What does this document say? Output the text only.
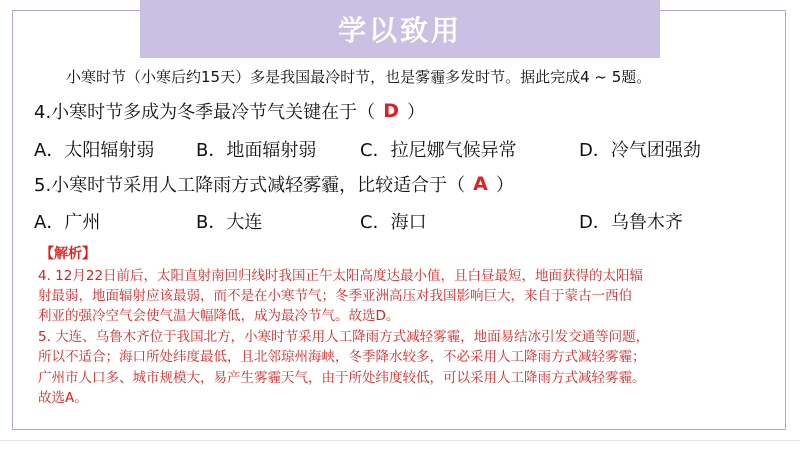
学以致用
小寒时节（小寒后约15天）多是我国最冷时节，也是雾霾多发时节。据此完成4 ~ 5题。
4.小寒时节多成为冬季最冷节气关键在于（ D ）
A．太阳辐射弱 B．地面辐射弱 C．拉尼娜气候异常	D．冷气团强劲
5.小寒时节采用人工降雨方式减轻雾霾，比较适合于（ A ）
A．广州	B．大连	C．海口	D．乌鲁木齐
【解析】
4. 12月22日前后，太阳直射南回归线时我国正午太阳高度达最小值，且白昼最短，地面获得的太阳辐
射最弱，地面辐射应该最弱，而不是在小寒节气；冬季亚洲高压对我国影响巨大，来自于蒙古一西伯
利亚的强冷空气会使气温大幅降低，成为最冷节气。故选D。
5. 大连、乌鲁木齐位于我国北方，小寒时节采用人工降雨方式减轻雾霾，地面易结冰引发交通等问题，
所以不适合；海口所处纬度最低，且北邻琼州海峡，冬季降水较多，不必采用人工降雨方式减轻雾霾；
广州市人口多、城市规模大，易产生雾霾天气，由于所处纬度较低，可以采用人工降雨方式减轻雾霾。
故选A。
